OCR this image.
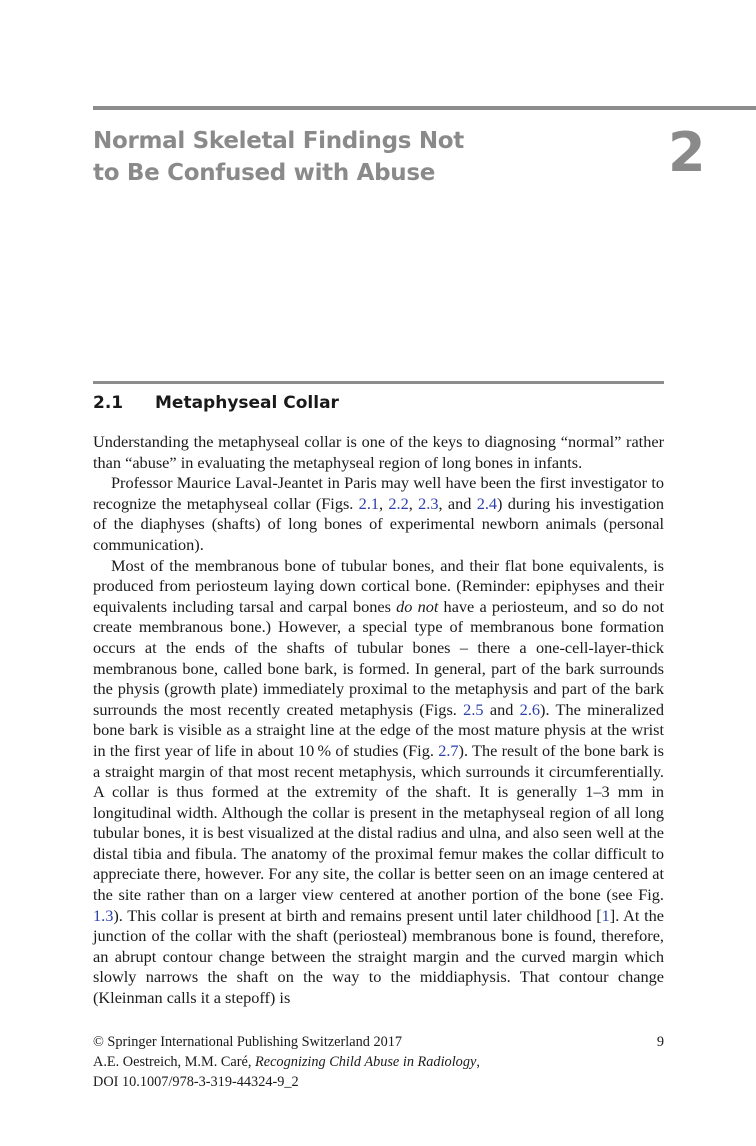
Normal Skeletal Findings Not
to Be Confused with Abuse	2
2.1 Metaphyseal Collar

Understanding the metaphyseal collar is one of the keys to diagnosing “normal” rather than “abuse” in evaluating the metaphyseal region of long bones in infants.

Professor Maurice Laval-Jeantet in Paris may well have been the first investigator to recognize the metaphyseal collar (Figs. 2.1, 2.2, 2.3, and 2.4) during his investigation of the diaphyses (shafts) of long bones of experimental newborn animals (personal communication).

Most of the membranous bone of tubular bones, and their flat bone equivalents, is produced from periosteum laying down cortical bone. (Reminder: epiphyses and their equivalents including tarsal and carpal bones do not have a periosteum, and so do not create membranous bone.) However, a special type of membranous bone formation occurs at the ends of the shafts of tubular bones – there a one-cell-layer-thick membranous bone, called bone bark, is formed. In general, part of the bark surrounds the physis (growth plate) immediately proximal to the metaphysis and part of the bark surrounds the most recently created metaphysis (Figs. 2.5 and 2.6). The mineralized bone bark is visible as a straight line at the edge of the most mature physis at the wrist in the first year of life in about 10 % of studies (Fig. 2.7). The result of the bone bark is a straight margin of that most recent metaphysis, which surrounds it circumferentially. A collar is thus formed at the extremity of the shaft. It is generally 1–3 mm in longitudinal width. Although the collar is present in the metaphyseal region of all long tubular bones, it is best visualized at the distal radius and ulna, and also seen well at the distal tibia and fibula. The anatomy of the proximal femur makes the collar difficult to appreciate there, however. For any site, the collar is better seen on an image centered at the site rather than on a larger view centered at another portion of the bone (see Fig. 1.3). This collar is present at birth and remains present until later childhood [1]. At the junction of the collar with the shaft (periosteal) membranous bone is found, therefore, an abrupt contour change between the straight margin and the curved margin which slowly narrows the shaft on the way to the middiaphysis. That contour change (Kleinman calls it a stepoff) is

© Springer International Publishing Switzerland 2017
A.E. Oestreich, M.M. Caré, Recognizing Child Abuse in Radiology,
DOI 10.1007/978-3-319-44324-9_2
9
